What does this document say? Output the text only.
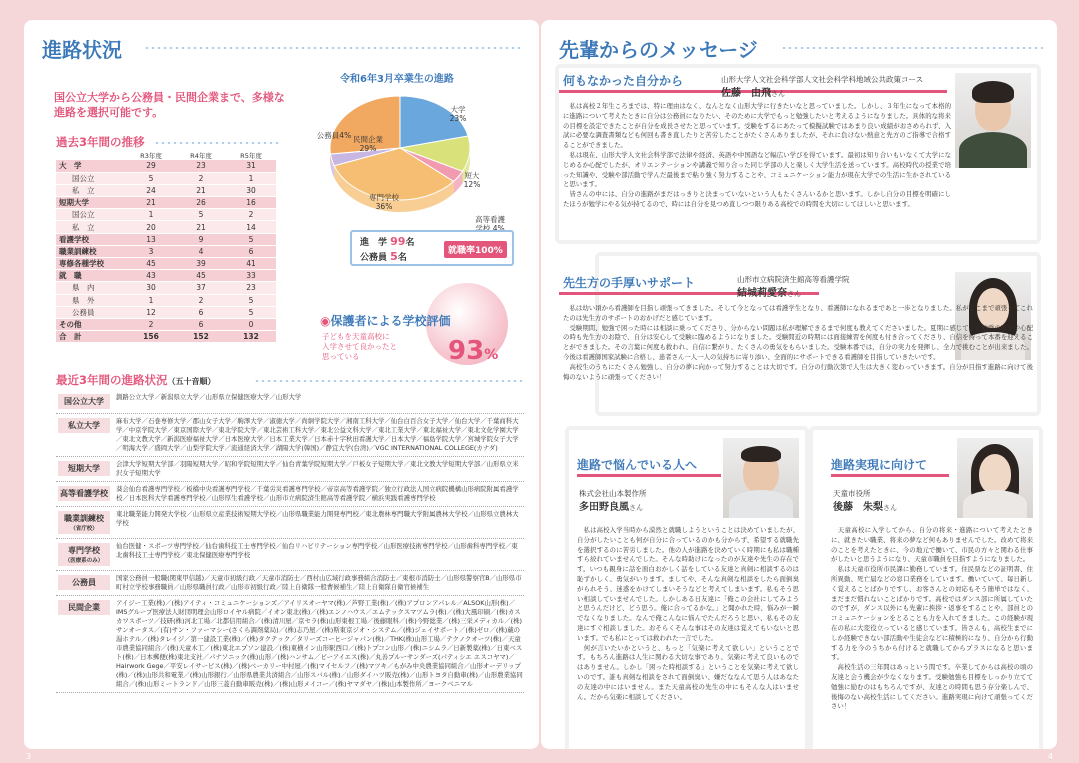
進路状況
国公立大学から公務員・民間企業まで、多様な進路を選択可能です。
過去3年間の推移
	R3年度	R4年度	R5年度
大　学	29	23	31
国公立	5	2	1
私　立	24	21	30
短期大学	21	26	16
国公立	1	5	2
私　立	20	21	14
看護学校	13	9	5
職業訓練校	3	4	6
専修各種学校	45	39	41
就　職	43	45	33
県　内	30	37	23
県　外	1	2	5
公務員	12	6	5
その他	2	6	0
合　計	156	152	132
令和6年3月卒業生の進路
大学 23%
短大 12%
高等看護学校 4%
専門学校 36%
公務員4% 民間企業 29%
進　学 99名
公務員 5名
就職率100%
◉保護者による学校評価
子どもを天童高校に
入学させて良かったと
思っている	93%
最近3年間の進路状況（五十音順）
国公立大学	釧路公立大学／新潟県立大学／山形県立保健医療大学／山形大学
私立大学	麻布大学／石巻専修大学／郡山女子大学／駒澤大学／淑徳大学／尚絅学院大学／湘南工科大学／仙台白百合女子大学／仙台大学／千葉商科大学／中京学院大学／東京国際大学／東北学院大学／東北芸術工科大学／東北公益文科大学／東北工業大学／東北福祉大学／東北文化学園大学／東北文教大学／新潟医療福祉大学／日本医療大学／日本工業大学／日本赤十字秋田看護大学／日本大学／福島学院大学／宮城学院女子大学／明海大学／盛岡大学／山梨学院大学／流通経済大学／湖陽大学(韓国)／静宜大学(台湾)／VGC INTERNATIONAL COLLEGE(カナダ)
短期大学	会津大学短期大学部／羽陽短期大学／昭和学院短期大学／仙台青葉学院短期大学／戸板女子短期大学／東北文教大学短期大学部／山形県立米沢女子短期大学
高等看護学校	葵会仙台看護専門学校／板橋中央看護専門学校／千葉労災看護専門学校／帝京高等看護学院／独立行政法人国立病院機構山形病院附属看護学校／日本医科大学看護専門学校／山形厚生看護学校／山形市立病院済生館高等看護学院／横浜実践看護専門学校
職業訓練校
（省庁校）
東北職業能力開発大学校／山形県立産業技術短期大学校／山形県職業能力開発専門校／東北農林専門職大学附属農林大学校／山形県立農林大学校
専門学校
（医療系のみ）
仙台医健・スポーツ専門学校／仙台歯科技工士専門学校／仙台リハビリテーション専門学校／山形医療技術専門学校／山形歯科専門学校／東北歯科技工士専門学校／東北保健医療専門学校
公務員	国家公務員一般職(関東甲信越)／天童市初級行政／天童市消防士／西村山広域行政事務組合消防士／東根市消防士／山形県警察官B／山形県市町村立学校事務職員／山形県職員行政／山形市初級行政／陸上自衛隊一般曹候補生／陸上自衛隊自衛官候補生
民間企業	アイジー工業(株)／(株)アイティ・コミュニケーションズ／アイリスオーヤマ(株)／芦野工業(株)／(株)アプロンアパレル／ALSOK山形(株)／IMSグループ医療法人財団明理会山形ロイヤル病院／イオン東北(株)／(株)エンノハウス／エムテックスマツムラ(株)／(株)大風印刷／(株)カスカワスポーツ／技研(株)河北工場／北都信用組合／(株)清川屋／京セラ(株)山形東根工場／後藤眼科／(株)今野総業／(株)三栄メディカル／(株)サンオータス／(有)サン・ファーマシー(さくら調剤薬局)／(株)志乃屋／(株)斯東京ジオ・システム／(株)ジェイサポート／(株)ゼロ／(株)蔵の湯ホテル／(株)タレイジ／第一建設工業(株)／(株)タクテック／タリーズコーヒージャパン(株)／THK(株)山形工場／テクノクオーツ(株)／天童市農業協同組合／(株)天童木工／(株)東北エプソン建設／(株)東横イン山形駅西口／(株)トプコン山形／(株)ニシムラ／日新製薬(株)／日東ベスト(株)／日本郵便(株)東北支社／パナソニック(株)山形／(株)ハンサム／ビーアイエス(株)／丸善プルーサンダーズ(パティシエ エスコヤマ)／Hairwork Gege／平安レイサービス(株)／(株)ベーカリー中村屋／(株)マイセルフ／(株)マツキ／もがみ中央農業協同組合／山形オーデリップ(株)／(株)山形共和電業／(株)山形銀行／山形県農業共済組合／山形スバル(株)／山形ダイハツ販売(株)／山形トヨタ自動車(株)／山形農業協同組合／(株)山形ミートランド／山形三菱自動車販売(株)／(株)山形メイコー／(株)ヤマダヤ／(株)山本製作所／ヨークベニマル
3
先輩からのメッセージ
何もなかった自分から	山形大学人文社会科学部人文社会科学科地域公共政策コース
佐藤　由飛さん
　私は高校２年生ころまでは、特に理由はなく、なんとなく山形大学に行きたいなと思っていました。しかし、３年生になって本格的に進路について考えたときに自分は公務員になりたい、そのために大学でもっと勉強したいと考えるようになりました。具体的な将来の目標を設定できたことが自分を成長させたと思っています。受験をするにあたって模擬試験ではあまり良い成績がおさめられず、入試に必要な調査書類なども何回も書き直したりと苦労したことがたくさんありましたが、それに負けない熱意と先方のご指導で合格することができました。
　私は現在、山形大学人文社会科学部で法律や経済、英語や中国語など幅広い学びを得ています。最初は知り合いもいなくて大学になじめるか心配でしたが、オリエンテーションや講義で知り合った同じ学部の人と楽しく大学生活を送っています。高校時代の授業で培った知識や、受験や部活動で学んだ最後まで粘り強く努力することや、コミュニケーション能力が現在大学での生活に生かされていると思います。
　皆さんの中には、自分の進路がまだはっきりと決まっていないという人もたくさんいるかと思います。しかし自分の目標を明確にしたほうが勉学にやる気が持てるので、時には自分を見つめ直しつつ限りある高校での時間を大切にしてほしいと思います。
先生方の手厚いサポート	山形市立病院済生館高等看護学院
結城莉愛奈さん
　私は幼い頃から看護師を目指し頑張ってきました。そして今となっては看護学生となり、看護師になれるまであと一歩となりました。私がここまで頑張ってこれたのは先生方のサポートのおかげだと感じています。
　受験期間、勉強で困った時には相談に乗ってくださり、分からない問題は私が理解できるまで何度も教えてくださいました。夏期に感じていた勉強の不安や心配の時も先生方のお陰で、自分は安心して受験に臨めるようになりました。受験間近の時期には面接練習を何度も付き合ってくださり、自信を持って本番を迎えることができました。その言葉に何度も救われ、自信に繋がり、たくさんの勇気をもらいました。受験本番では、自分の実力を発揮し、全力で挑むことが出来ました。今後は看護師国家試験に合格し、患者さん一人一人の気持ちに寄り添い、全面的にサポートできる看護師を目指していきたいです。
　高校生のうちにたくさん勉強し、自分の夢に向かって努力することは大切です。自分の行動次第で人生は大きく変わっていきます。自分が目指す進路に向けて後悔のないように頑張ってください！
進路で悩んでいる人へ
株式会社山本製作所
多田野良風さん
　私は高校入学当時から漠然と就職しようということは決めていましたが、自分がしたいことも何が自分に合っているのかも分からず、希望する就職先を選択するのに苦労しました。他の人が進路を決めていく時期にも私は職種すら絞れていませんでした。そんな時助けになったのが友達や先生の存在です。いつも親身に話を面白おかしく話をしている友達と真剣に相談するのは恥ずかしく、勇気がいります。ましてや、そんな真剣な相談をしたら面倒臭がられそう、迷惑をかけてしまいそうなどと考えてしまいます。私もそう思い相談していませんでした。しかしある日友達に「俺この会社にしてみようと思うんだけど、どう思う。俺に合ってるかな。」と聞かれた時、悩みが一瞬でなくなりました。なんで俺こんなに悩んでたんだろうと思い、私もその友達にすぐ相談しました。おそらくそんな事はその友達は覚えてもいないと思います。でも私にとっては救われた一言でした。
　何が言いたいかというと、もっと「気楽に考えて欲しい」ということです。もちろん進路は人生に関わる大切な事であり、気楽に考えて良いものではありません。しかし「困った時相談する」ということを気楽に考えて欲しいのです。誰も真剣な相談をされて面倒臭い、嫌だななんて思う人はあなたの友達の中にはいません。また天童高校の先生の中にもそんな人はいません。だから気楽に相談してください。
進路実現に向けて
天童市役所
後藤　朱梨さん
　天童高校に入学してから、自分の将来・進路について考えたときに、就きたい職業、将来の夢など何もありませんでした。改めて将来のことを考えたときに、今の地元で働いて、市民の方々と関わる仕事がしたいと思うようになり、天童市職員を目指すようになりました。
　私は天童市役所市民課に勤務しています。住民票などの証明書、住所異動、死亡届などの窓口業務をしています。働いていて、毎日新しく覚えることばかりですし、お客さんとの対応もそう簡単ではなく、まだまだ慣れないことばかりです。高校ではダンス部に所属していたのですが、ダンス以外にも先輩に挨拶・返事をすることや、部員とのコミュニケーションをとることも力を入れてきました。この経験が現在の私に大変役立っていると感じています。皆さんも、高校生までにしか経験できない部活動や生徒会などに積極的になり、自分から行動する力を今のうちから付けると就職してからプラスになると思います。
　高校生活の三年間はあっという間です。卒業してからは高校の頃の友達と会う機会が少なくなります。受験勉強も目標をしっかり立てて勉強に励むのはもちろんですが、友達との時間も思う存分楽しんで、後悔のない高校生活にしてください。進路実現に向けて頑張ってください！
4
